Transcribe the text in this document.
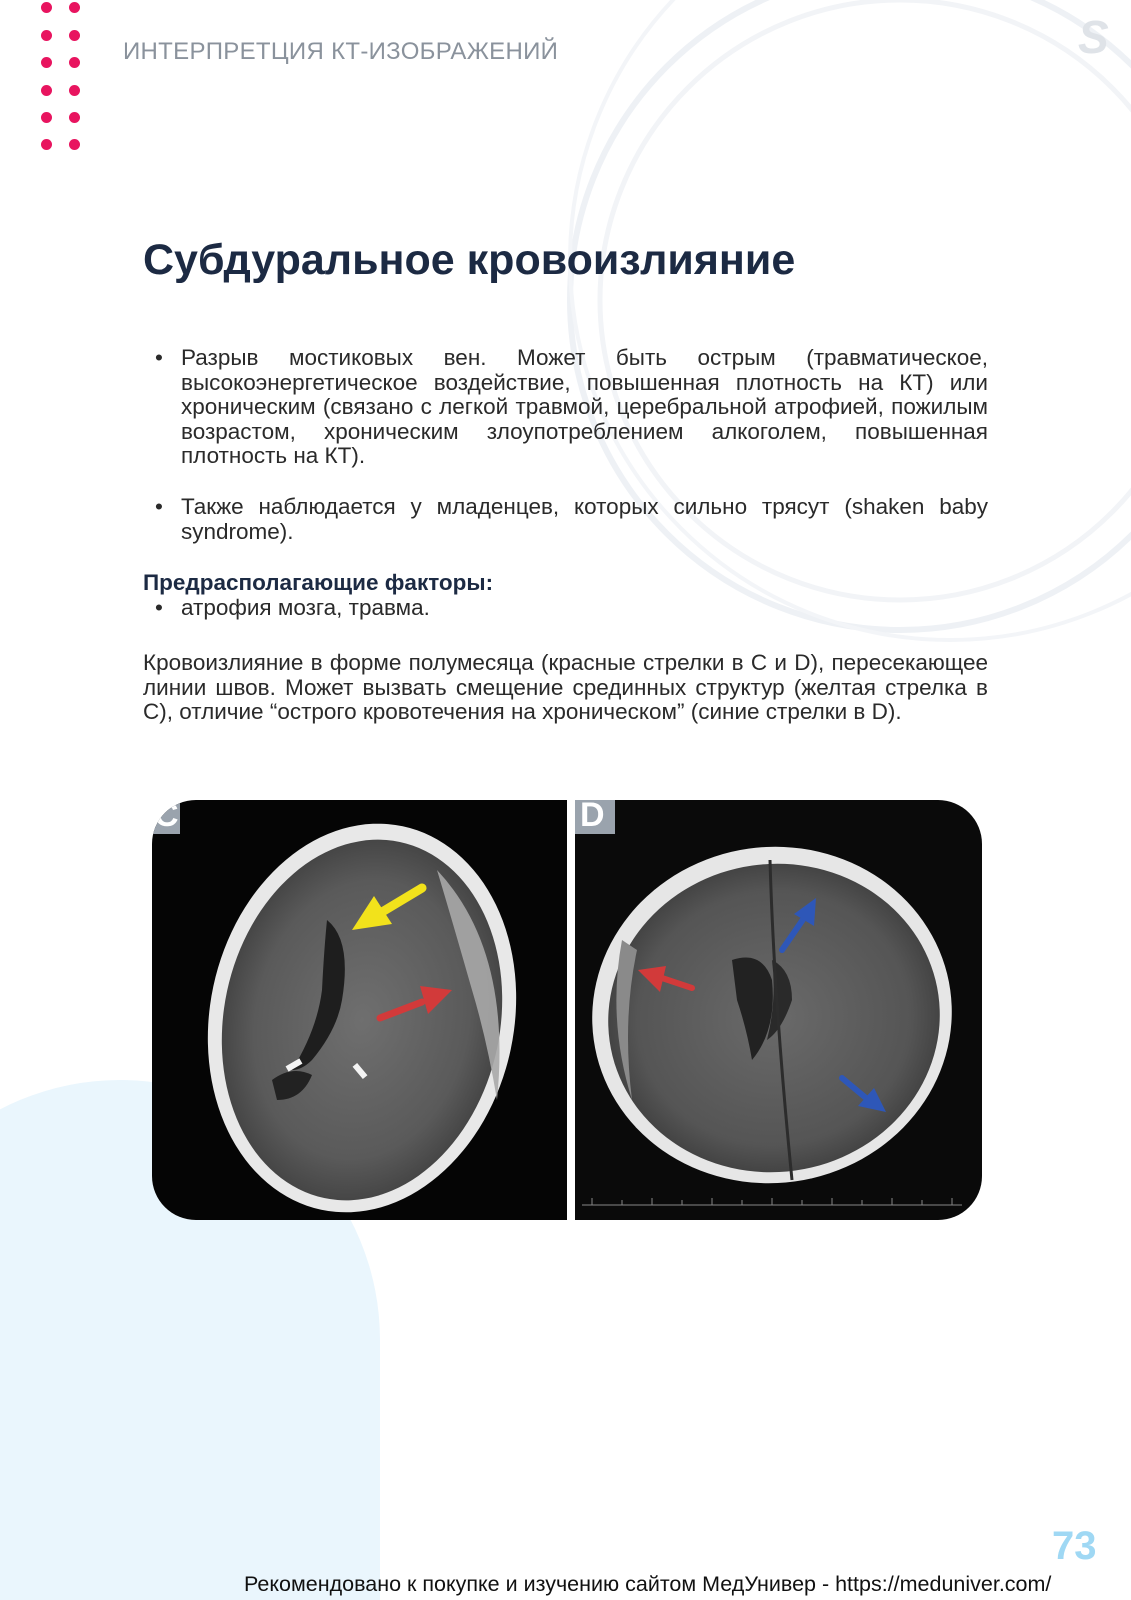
ИНТЕРПРЕТЦИЯ КТ-ИЗОБРАЖЕНИЙ	S
Субдуральное кровоизлияние
• Разрыв мостиковых вен. Может быть острым (травматическое, высокоэнергетическое воздействие, повышенная плотность на КТ) или хроническим (связано с легкой травмой, церебральной атрофией, пожилым возрастом, хроническим злоупотреблением алкоголем, повышенная плотность на КТ).
• Также наблюдается у младенцев, которых сильно трясут (shaken baby syndrome).
Предрасполагающие факторы:
• атрофия мозга, травма.
Кровоизлияние в форме полумесяца (красные стрелки в С и D), пересекающее линии швов. Может вызвать смещение срединных структур (желтая стрелка в С), отличие “острого кровотечения на хроническом” (синие стрелки в D).
C	D
73
Рекомендовано к покупке и изучению сайтом МедУнивер - https://meduniver.com/
